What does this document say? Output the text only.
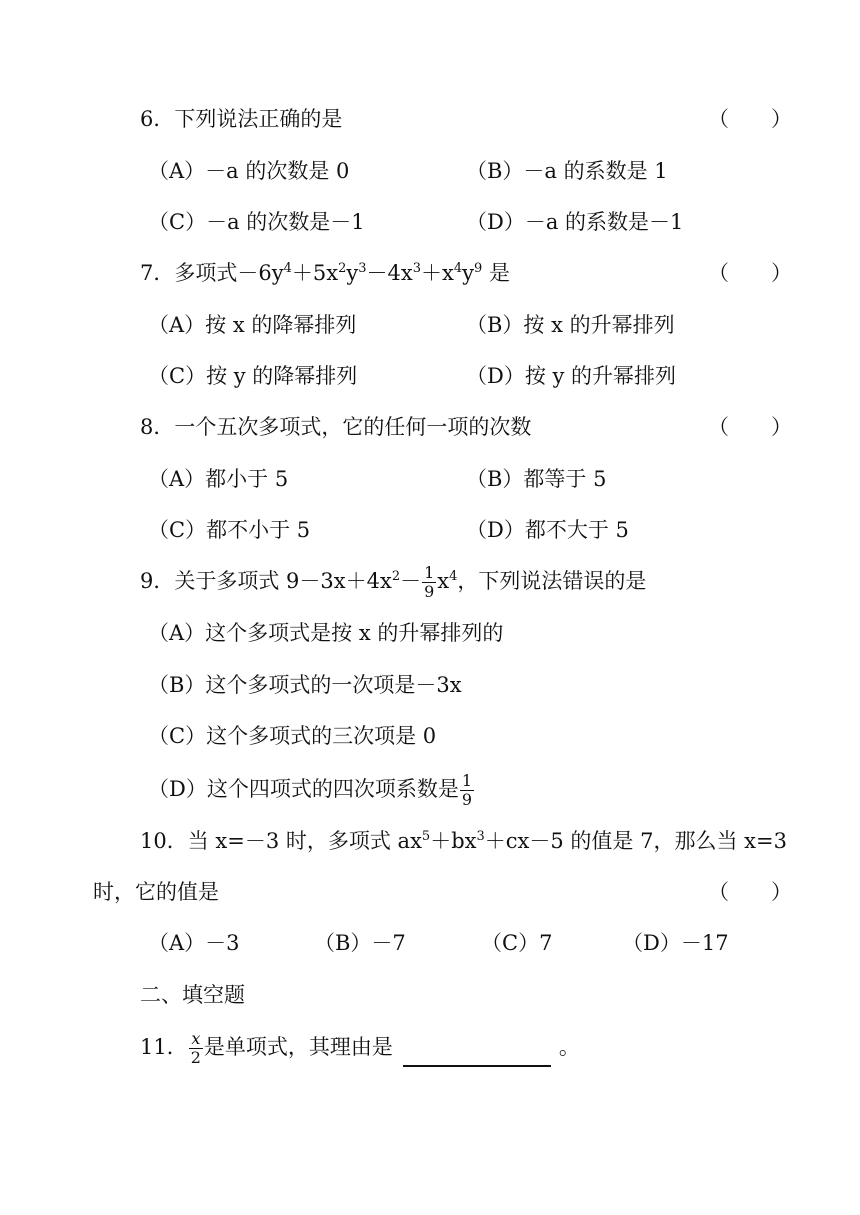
6．下列说法正确的是	（　　）
（A）－a 的次数是 0	（B）－a 的系数是 1
（C）－a 的次数是－1	（D）－a 的系数是－1
7．多项式$-6y^4+5x^2y^3-4x^3+x^4y^9$ 是	（　　）
（A）按 x 的降幂排列	（B）按 x 的升幂排列
（C）按 y 的降幂排列	（D）按 y 的升幂排列
8．一个五次多项式，它的任何一项的次数	（　　）
（A）都小于 5	（B）都等于 5
（C）都不小于 5	（D）都不大于 5
9．关于多项式 $9-3x+4x^2- \frac{1}{9} x^4$，下列说法错误的是
（A）这个多项式是按 x 的升幂排列的
（B）这个多项式的一次项是－3x
（C）这个多项式的三次项是 0
（D）这个四项式的四次项系数是 $\frac{1}{9}$
10．当 x=－3 时，多项式 $ax^5+bx^3+cx-5$ 的值是 7，那么当 x=3
时，它的值是	（　　）
（A）－3	（B）－7	（C）7	（D）－17
二、填空题
11． $\frac{x}{2}$ 是单项式，其理由是	。
